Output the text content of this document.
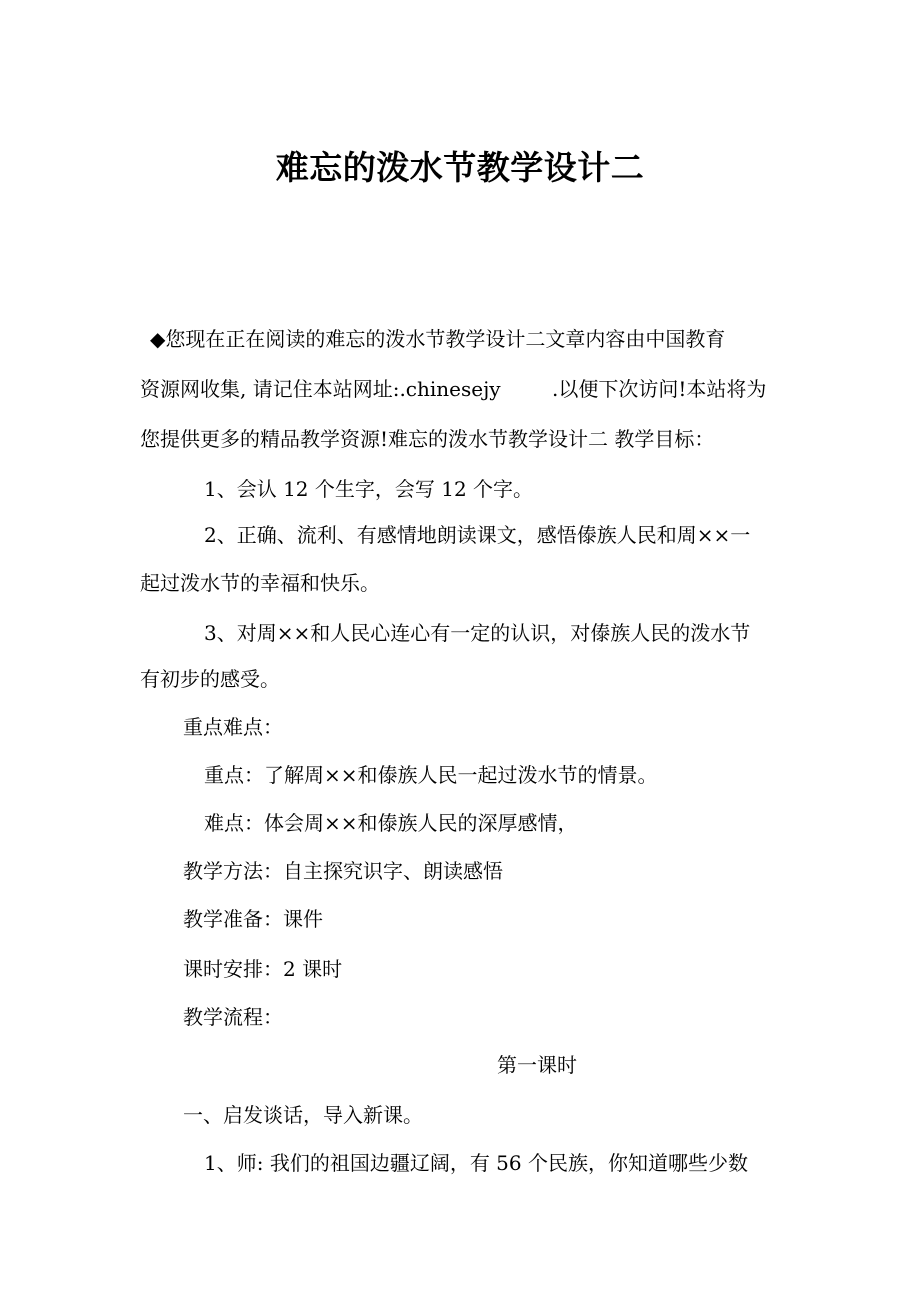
难忘的泼水节教学设计二
◆您现在正在阅读的难忘的泼水节教学设计二文章内容由中国教育
资源网收集, 请记住本站网址:.chinesejy	.以便下次访问!本站将为
您提供更多的精品教学资源!难忘的泼水节教学设计二 教学目标：
1、会认 12 个生字，会写 12 个字。
2、正确、流利、有感情地朗读课文，感悟傣族人民和周××一
起过泼水节的幸福和快乐。
3、对周××和人民心连心有一定的认识，对傣族人民的泼水节
有初步的感受。
重点难点：
重点：了解周××和傣族人民一起过泼水节的情景。
难点：体会周××和傣族人民的深厚感情，
教学方法：自主探究识字、朗读感悟
教学准备：课件
课时安排：2 课时
教学流程：
第一课时
一、启发谈话，导入新课。
1、师: 我们的祖国边疆辽阔，有 56 个民族，你知道哪些少数
